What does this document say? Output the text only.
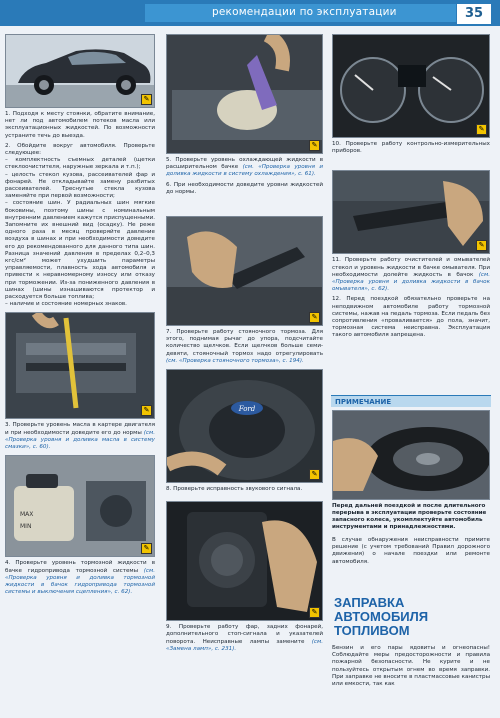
рекомендации по эксплуатации	35
✎
1. Подходя к месту стоянки, обратите внимание, нет ли под автомобилем потеков масла или эксплуатационных жидкостей. По возможности устраните течь до выезда.
2. Обойдите вокруг автомобиля. Проверьте следующее:
– комплектность съемных деталей (щетки стеклоочистителя, наружные зеркала и т.п.);
– целость стекол кузова, рассеивателей фар и фонарей. Не откладывайте замену разбитых рассеивателей. Треснутые стекла кузова заменяйте при первой возможности;
– состояние шин. У радиальных шин мягкие боковины, поэтому шины с номинальным внутренним давлением кажутся приспущенными. Запомните их внешний вид (осадку). Не реже одного раза в месяц проверяйте давление воздуха в шинах и при необходимости доведите его до рекомендованного для данного типа шин. Разница значений давления в пределах 0,2–0,3 кгс/см² может ухудшить параметры управляемости, плавность хода автомобиля и привести к неравномерному износу или отказу при торможении. Из-за пониженного давления в шинах (шины изнашиваются протектор и расходуется больше топлива;
– наличие и состояние номерных знаков.
✎
3. Проверьте уровень масла в картере двигателя и при необходимости доведите его до нормы (см. «Проверка уровня и доливка масла в систему смазки», с. 60).
MAX
MIN
✎
4. Проверьте уровень тормозной жидкости в бачке гидропривода тормозной системы (см. «Проверка уровня и доливка тормозной жидкости в бачок гидропривода тормозной системы и выключения сцепления», с. 62).
✎
5. Проверьте уровень охлаждающей жидкости в расширительном бачке (см. «Проверка уровня и доливка жидкости в систему охлаждения», с. 61).
6. При необходимости доведите уровни жидкостей до нормы.
✎
7. Проверьте работу стояночного тормоза. Для этого, поднимая рычаг до упора, подсчитайте количество щелчков. Если щелчков больше семи-девяти, стояночный тормоз надо отрегулировать (см. «Проверка стояночного тормоза», с. 194).
Ford
✎
8. Проверьте исправность звукового сигнала.
✎
9. Проверьте работу фар, задних фонарей, дополнительного стоп-сигнала и указателей поворота. Неисправные лампы замените (см. «Замена ламп», с. 231).
✎
10. Проверьте работу контрольно-измерительных приборов.
✎
11. Проверьте работу очистителей и омывателей стекол и уровень жидкости в бачке омывателя. При необходимости долейте жидкость в бачок (см. «Проверка уровня и доливка жидкости в бачок омывателя», с. 62).
12. Перед поездкой обязательно проверьте на неподвижном автомобиле работу тормозной системы, нажав на педаль тормоза. Если педаль без сопротивления «проваливается» до пола, значит, тормозная система неисправна. Эксплуатация такого автомобиля запрещена.
ПРИМЕЧАНИЕ
Перед дальней поездкой и после длительного перерыва в эксплуатации проверьте состояние запасного колеса, укомплектуйте автомобиль инструментами и принадлежностями.
В случае обнаружения неисправности примите решение (с учетом требований Правил дорожного движения) о начале поездки или ремонте автомобиля.
ЗАПРАВКА
АВТОМОБИЛЯ
ТОПЛИВОМ
Бензин и его пары ядовиты и огнеопасны! Соблюдайте меры предосторожности и правила пожарной безопасности. Не курите и не пользуйтесь открытым огнем во время заправки. При заправке не вносите в пластмассовые канистры или емкости, так как
